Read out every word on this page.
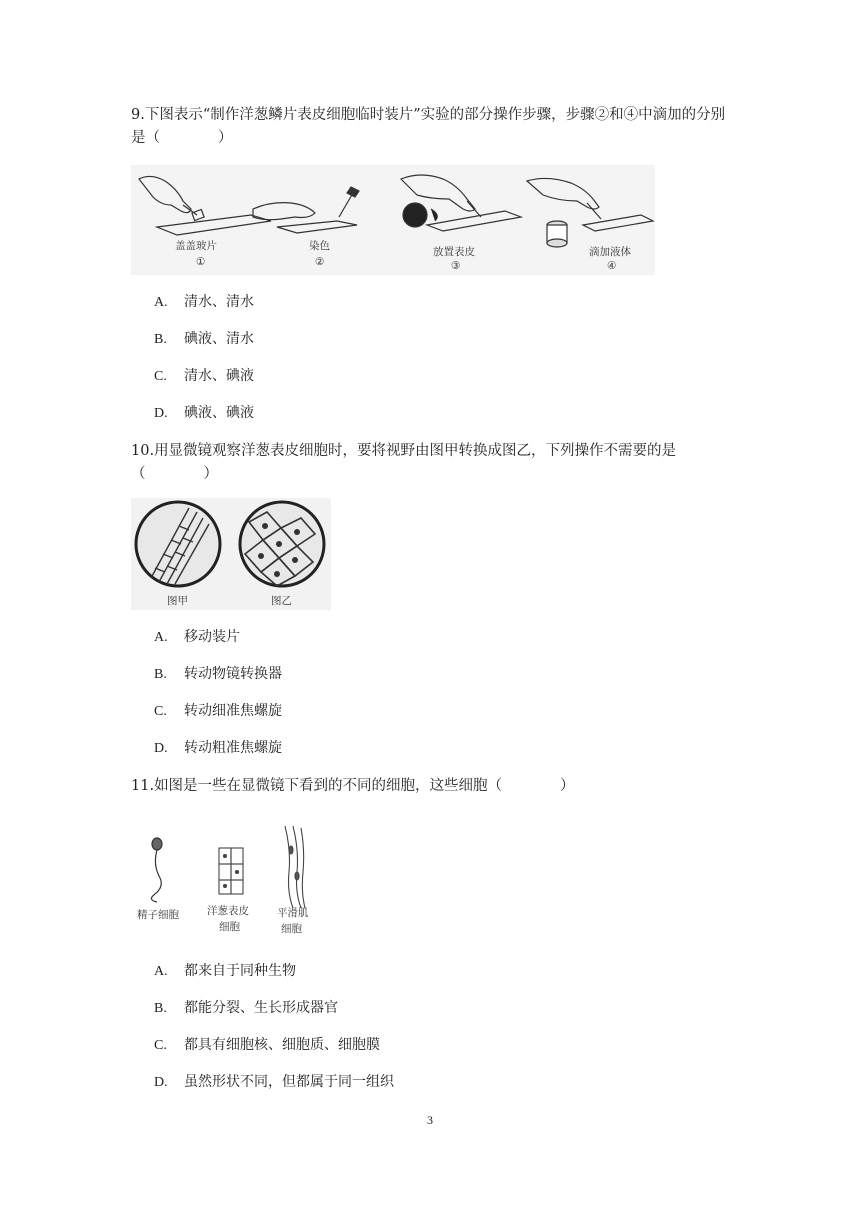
9.下图表示“制作洋葱鳞片表皮细胞临时装片”实验的部分操作步骤，步骤②和④中滴加的分别是（　　　　）
盖盖玻片
①
染色
②
放置表皮
③
滴加液体
④
A. 清水、清水
B. 碘液、清水
C. 清水、碘液
D. 碘液、碘液
10.用显微镜观察洋葱表皮细胞时，要将视野由图甲转换成图乙，下列操作不需要的是（　　　　）
图甲	图乙
A. 移动装片
B. 转动物镜转换器
C. 转动细准焦螺旋
D. 转动粗准焦螺旋
11.如图是一些在显微镜下看到的不同的细胞，这些细胞（　　　　）
精子细胞	洋葱表皮
细胞
平滑肌
细胞
A. 都来自于同种生物
B. 都能分裂、生长形成器官
C. 都具有细胞核、细胞质、细胞膜
D. 虽然形状不同，但都属于同一组织
3
